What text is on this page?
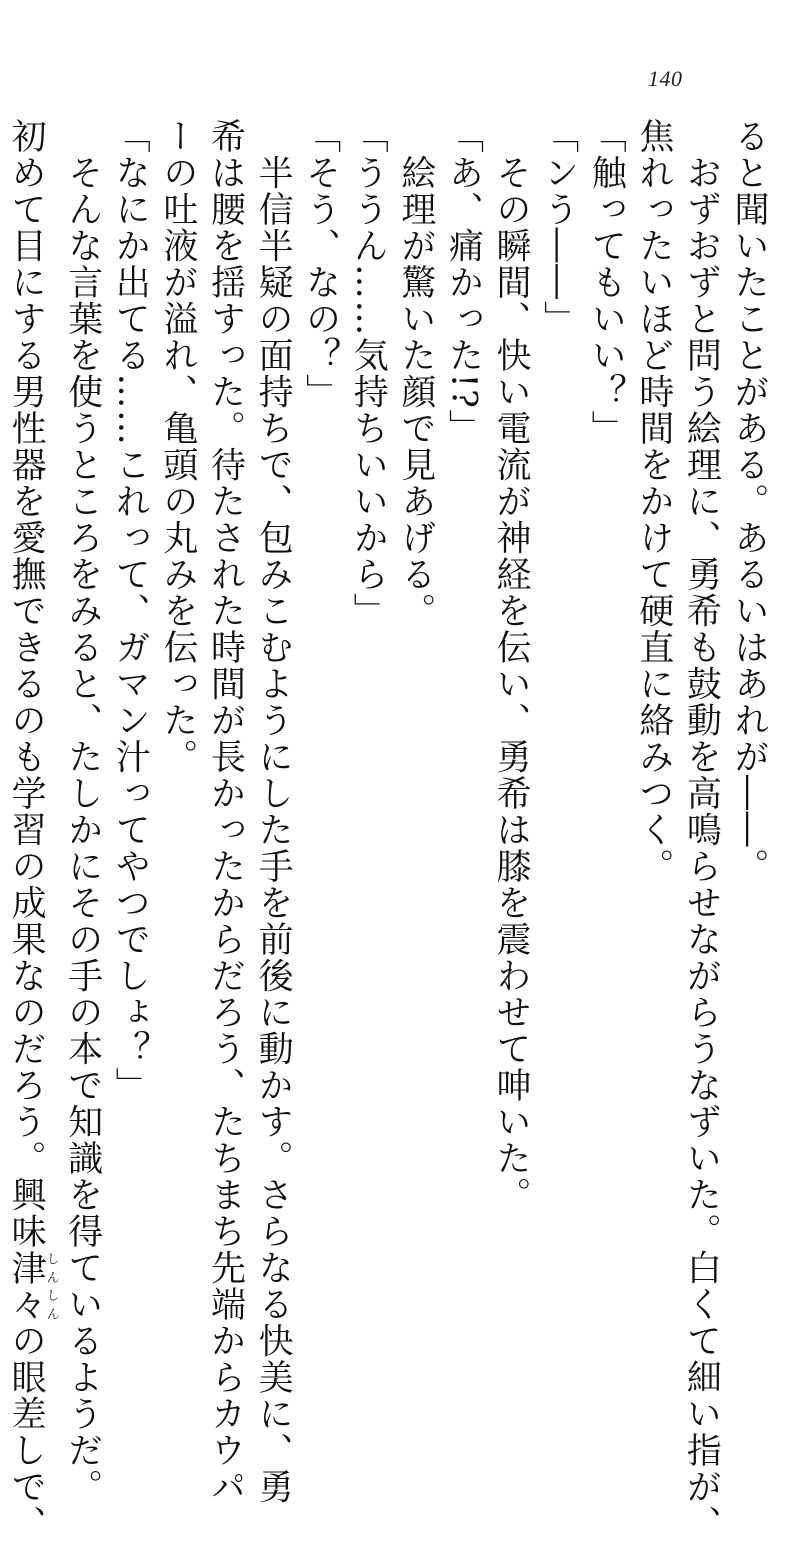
140
ると聞いたことがある。あるいはあれが――。
　おずおずと問う絵理に、勇希も鼓動を高鳴らせながらうなずいた。白くて細い指が、
焦れったいほど時間をかけて硬直に絡みつく。
「触ってもいい？」
「ンう――」
　その瞬間、快い電流が神経を伝い、勇希は膝を震わせて呻いた。
「あ、痛かった!?」
　絵理が驚いた顔で見あげる。
「ううん……気持ちいいから」
「そう、なの？」
　半信半疑の面持ちで、包みこむようにした手を前後に動かす。さらなる快美に、勇
希は腰を揺すった。待たされた時間が長かったからだろう、たちまち先端からカウパ
ーの吐液が溢れ、亀頭の丸みを伝った。
「なにか出てる……これって、ガマン汁ってやつでしょ？」
　そんな言葉を使うところをみると、たしかにその手の本で知識を得ているようだ。
初めて目にする男性器を愛撫できるのも学習の成果なのだろう。興味津々しんしんの眼差しで、
